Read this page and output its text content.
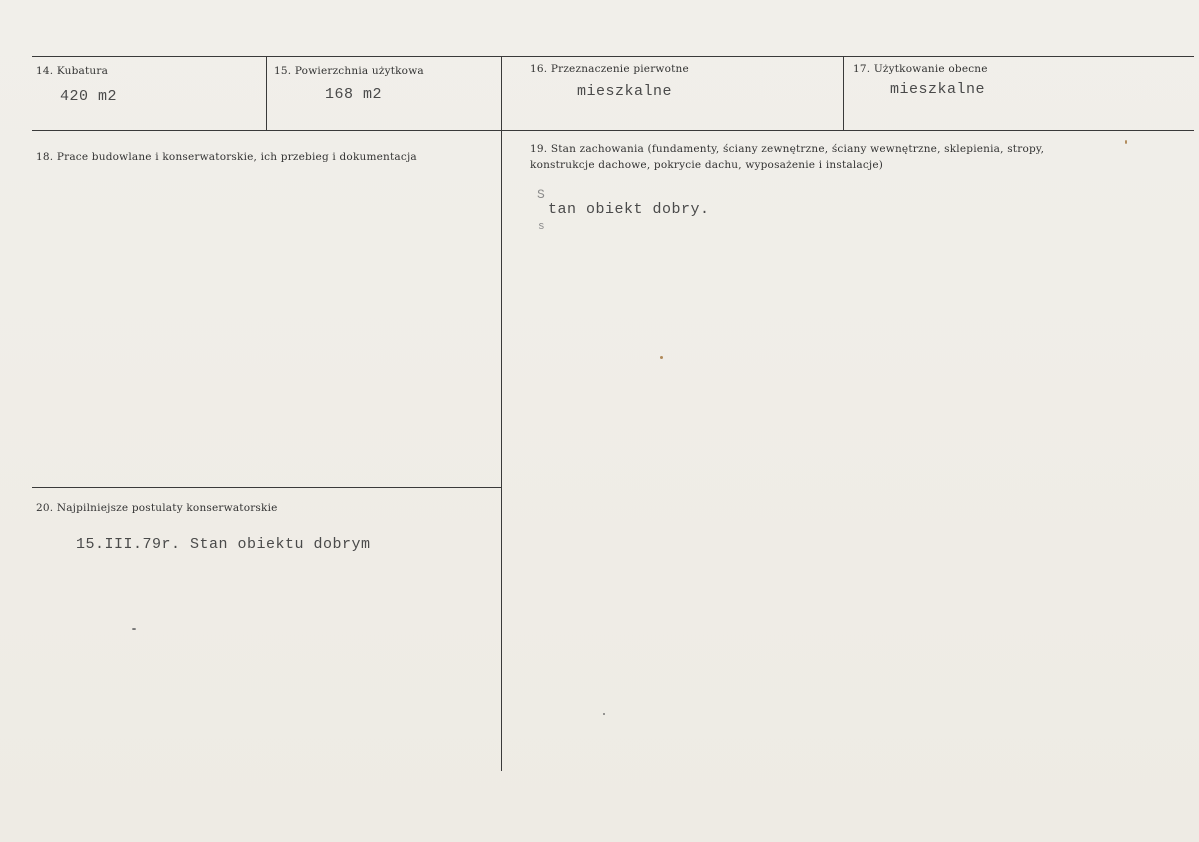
14. Kubatura
420 m2
15. Powierzchnia użytkowa
168 m2
16. Przeznaczenie pierwotne
mieszkalne
17. Użytkowanie obecne
mieszkalne
18. Prace budowlane i konserwatorskie, ich przebieg i dokumentacja
19. Stan zachowania (fundamenty, ściany zewnętrzne, ściany wewnętrzne, sklepienia, stropy,
konstrukcje dachowe, pokrycie dachu, wyposażenie i instalacje)
S
tan obiekt dobry.
s
20. Najpilniejsze postulaty konserwatorskie
15.III.79r. Stan obiektu dobrym
